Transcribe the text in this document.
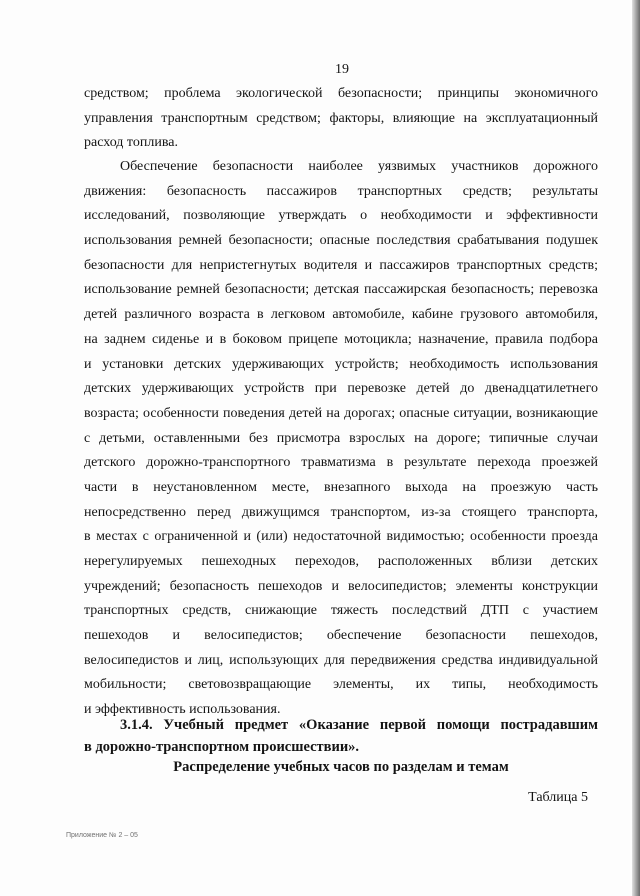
19
средством; проблема экологической безопасности; принципы экономичного
управления транспортным средством; факторы, влияющие на эксплуатационный
расход топлива.
Обеспечение безопасности наиболее уязвимых участников дорожного
движения: безопасность пассажиров транспортных средств; результаты
исследований, позволяющие утверждать о необходимости и эффективности
использования ремней безопасности; опасные последствия срабатывания подушек
безопасности для непристегнутых водителя и пассажиров транспортных средств;
использование ремней безопасности; детская пассажирская безопасность; перевозка
детей различного возраста в легковом автомобиле, кабине грузового автомобиля,
на заднем сиденье и в боковом прицепе мотоцикла; назначение, правила подбора
и установки детских удерживающих устройств; необходимость использования
детских удерживающих устройств при перевозке детей до двенадцатилетнего
возраста; особенности поведения детей на дорогах; опасные ситуации, возникающие
с детьми, оставленными без присмотра взрослых на дороге; типичные случаи
детского дорожно-транспортного травматизма в результате перехода проезжей
части в неустановленном месте, внезапного выхода на проезжую часть
непосредственно перед движущимся транспортом, из-за стоящего транспорта,
в местах с ограниченной и (или) недостаточной видимостью; особенности проезда
нерегулируемых пешеходных переходов, расположенных вблизи детских
учреждений; безопасность пешеходов и велосипедистов; элементы конструкции
транспортных средств, снижающие тяжесть последствий ДТП с участием
пешеходов и велосипедистов; обеспечение безопасности пешеходов,
велосипедистов и лиц, использующих для передвижения средства индивидуальной
мобильности; световозвращающие элементы, их типы, необходимость
и эффективность использования.
3.1.4. Учебный предмет «Оказание первой помощи пострадавшим
в дорожно-транспортном происшествии».
Распределение учебных часов по разделам и темам
Таблица 5
Приложение № 2 – 05
